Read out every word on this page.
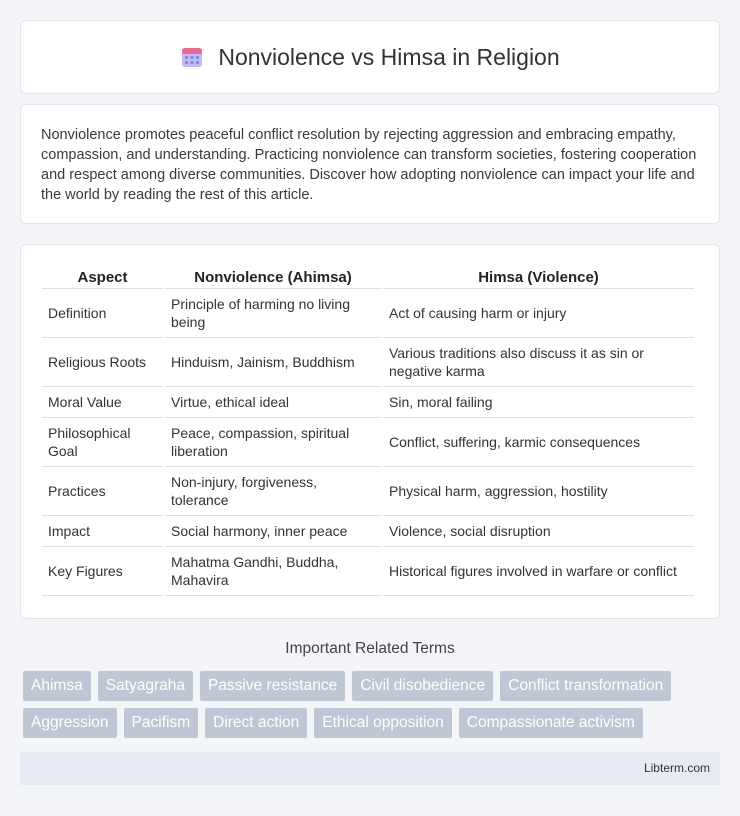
Nonviolence vs Himsa in Religion

Nonviolence promotes peaceful conflict resolution by rejecting aggression and embracing empathy, compassion, and understanding. Practicing nonviolence can transform societies, fostering cooperation and respect among diverse communities. Discover how adopting nonviolence can impact your life and the world by reading the rest of this article.

Aspect	Nonviolence (Ahimsa)	Himsa (Violence)
Definition	Principle of harming no living being	Act of causing harm or injury
Religious Roots	Hinduism, Jainism, Buddhism	Various traditions also discuss it as sin or negative karma
Moral Value	Virtue, ethical ideal	Sin, moral failing
Philosophical Goal	Peace, compassion, spiritual liberation	Conflict, suffering, karmic consequences
Practices	Non-injury, forgiveness, tolerance	Physical harm, aggression, hostility
Impact	Social harmony, inner peace	Violence, social disruption
Key Figures	Mahatma Gandhi, Buddha, Mahavira	Historical figures involved in warfare or conflict
Important Related Terms
Ahimsa	Satyagraha	Passive resistance	Civil disobedience	Conflict transformation
Aggression	Pacifism	Direct action	Ethical opposition	Compassionate activism
Libterm.com
